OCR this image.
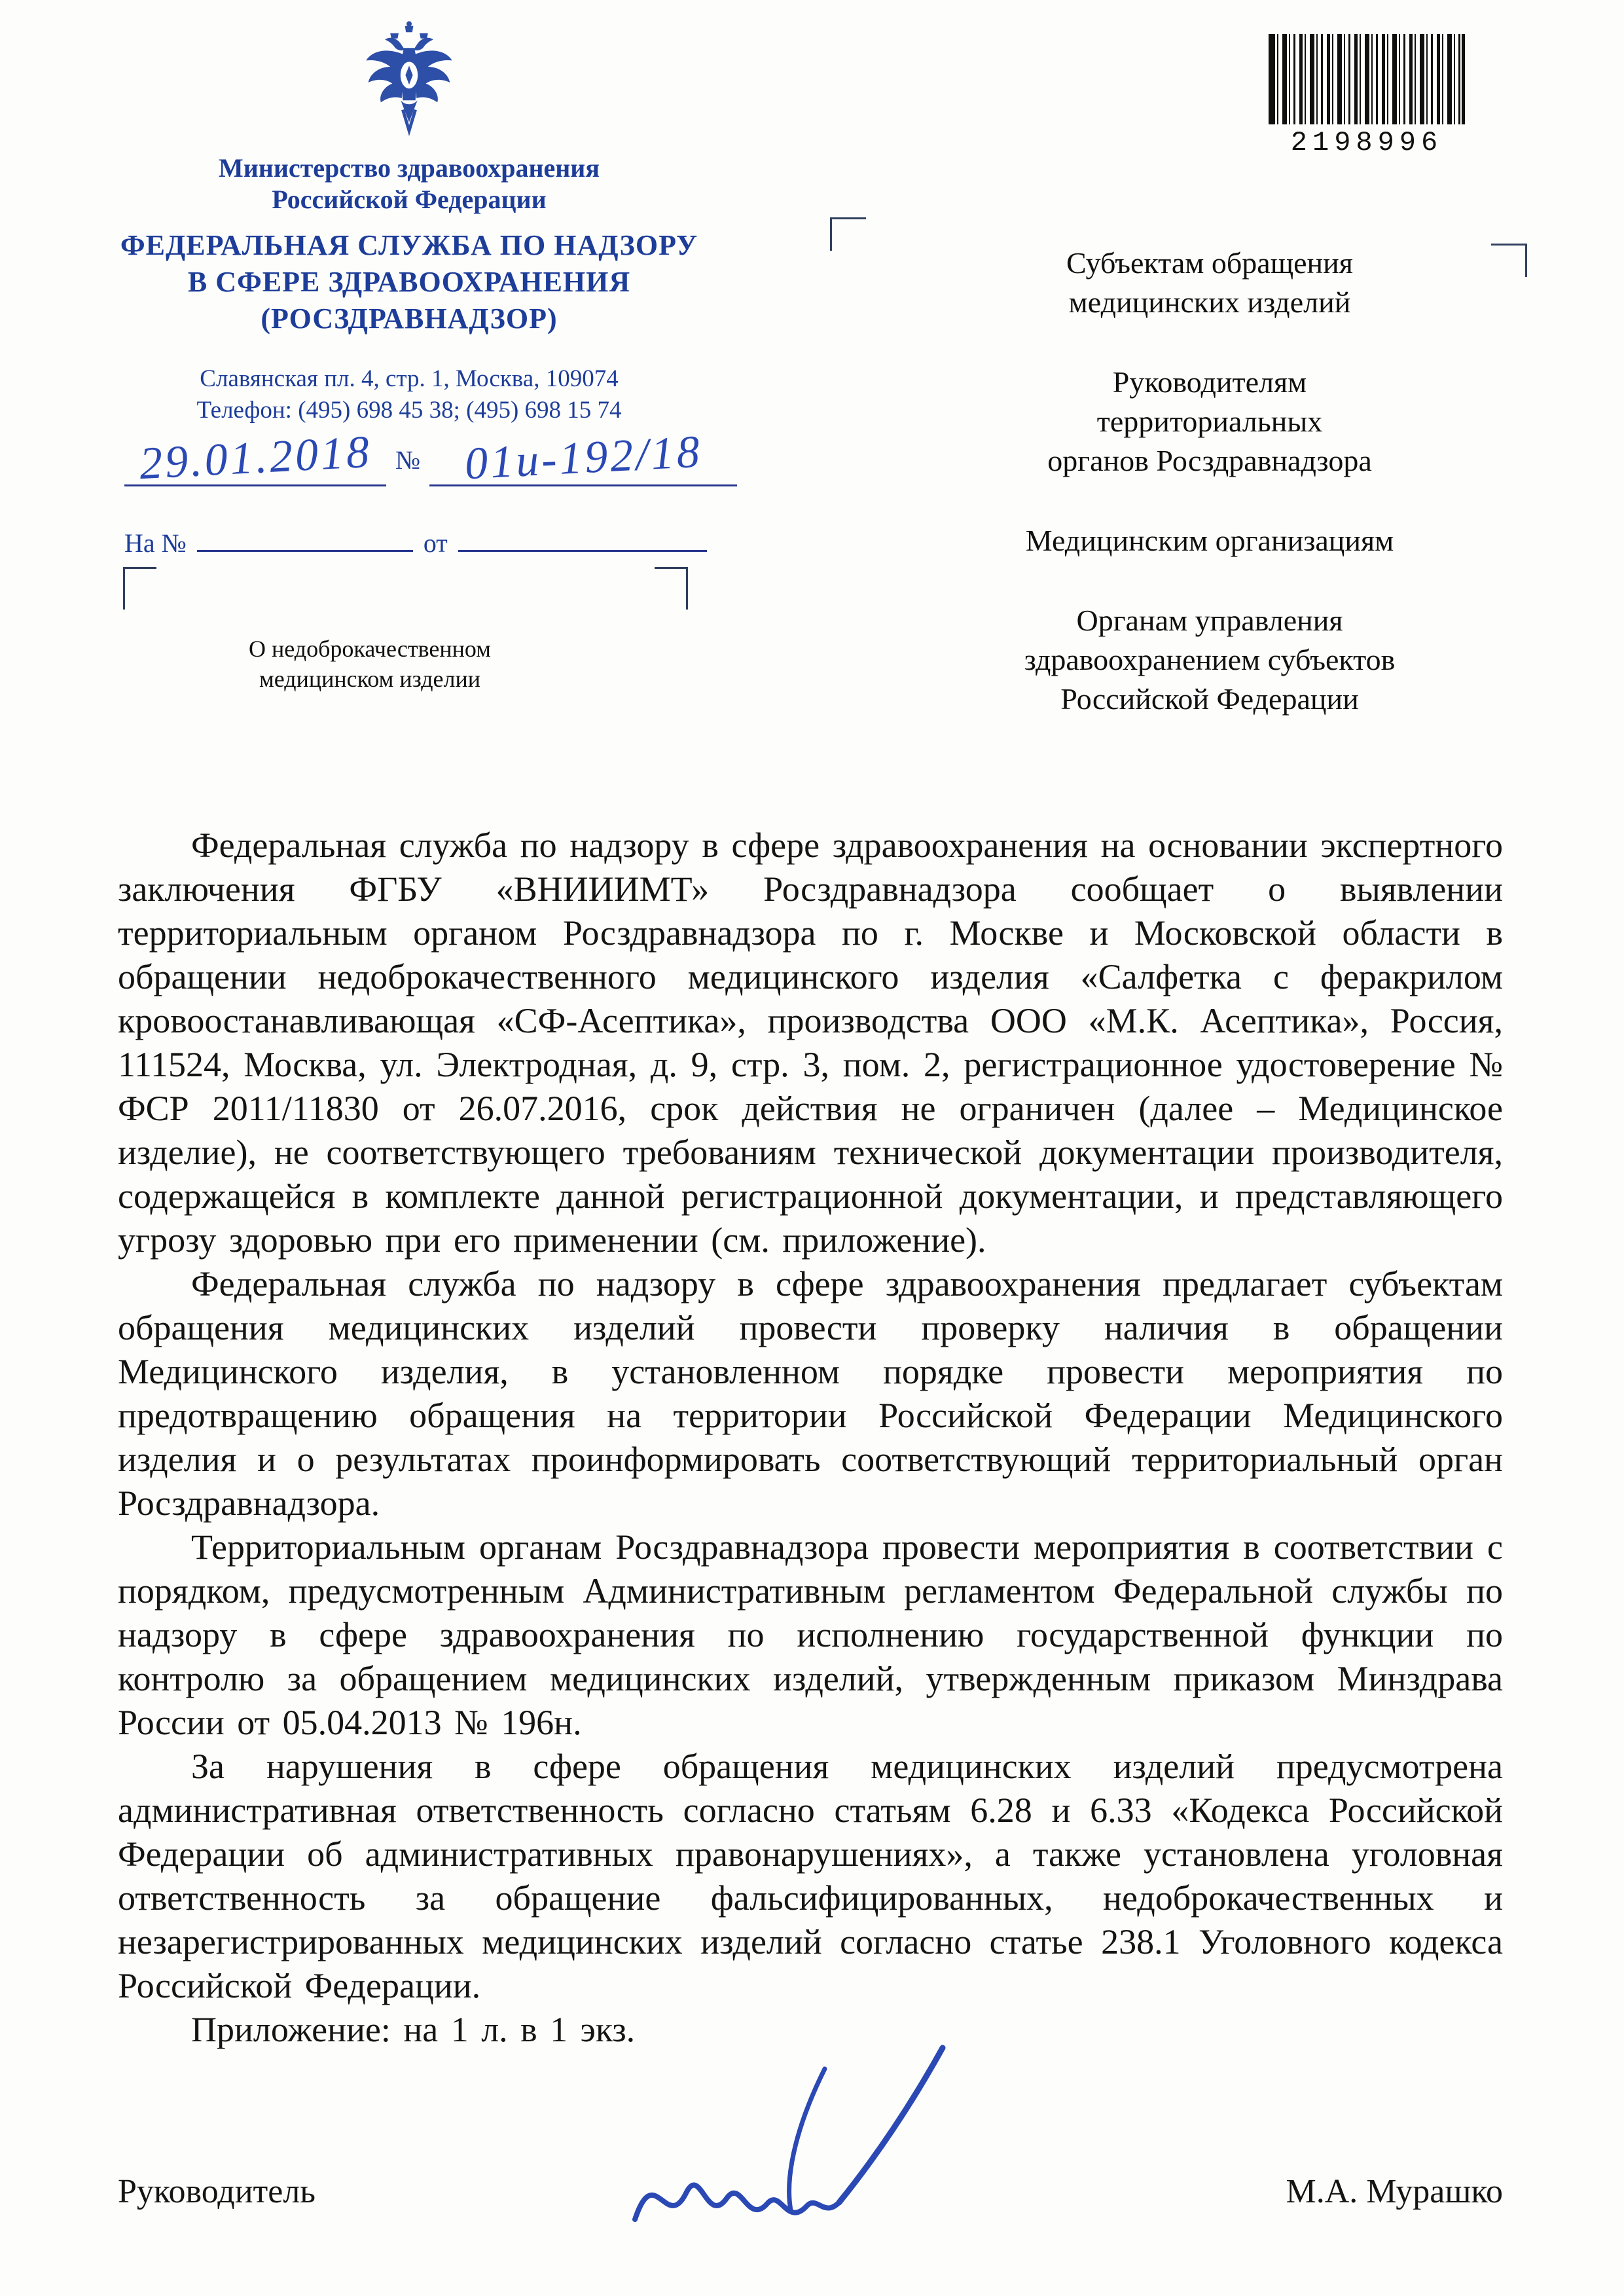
2198996
Министерство здравоохранения
Российской Федерации
ФЕДЕРАЛЬНАЯ СЛУЖБА ПО НАДЗОРУ
В СФЕРЕ ЗДРАВООХРАНЕНИЯ
(РОСЗДРАВНАДЗОР)
Славянская пл. 4, стр. 1, Москва, 109074
Телефон: (495) 698 45 38; (495) 698 15 74
29.01.2018 № 01и-192/18
На №	от
О недоброкачественном
медицинском изделии
Субъектам обращения
медицинских изделий
Руководителям
территориальных
органов Росздравнадзора
Медицинским организациям
Органам управления
здравоохранением субъектов
Российской Федерации

Федеральная служба по надзору в сфере здравоохранения на основании экспертного заключения ФГБУ «ВНИИИМТ» Росздравнадзора сообщает о выявлении территориальным органом Росздравнадзора по г. Москве и Московской области в обращении недоброкачественного медицинского изделия «Салфетка с феракрилом кровоостанавливающая «СФ-Асептика», производства ООО «М.К. Асептика», Россия, 111524, Москва, ул. Электродная, д. 9, стр. 3, пом. 2, регистрационное удостоверение № ФСР 2011/11830 от 26.07.2016, срок действия не ограничен (далее – Медицинское изделие), не соответствующего требованиям технической документации производителя, содержащейся в комплекте данной регистрационной документации, и представляющего угрозу здоровью при его применении (см. приложение).

Федеральная служба по надзору в сфере здравоохранения предлагает субъектам обращения медицинских изделий провести проверку наличия в обращении Медицинского изделия, в установленном порядке провести мероприятия по предотвращению обращения на территории Российской Федерации Медицинского изделия и о результатах проинформировать соответствующий территориальный орган Росздравнадзора.

Территориальным органам Росздравнадзора провести мероприятия в соответствии с порядком, предусмотренным Административным регламентом Федеральной службы по надзору в сфере здравоохранения по исполнению государственной функции по контролю за обращением медицинских изделий, утвержденным приказом Минздрава России от 05.04.2013 № 196н.

За нарушения в сфере обращения медицинских изделий предусмотрена административная ответственность согласно статьям 6.28 и 6.33 «Кодекса Российской Федерации об административных правонарушениях», а также установлена уголовная ответственность за обращение фальсифицированных, недоброкачественных и незарегистрированных медицинских изделий согласно статье 238.1 Уголовного кодекса Российской Федерации.

Приложение: на 1 л. в 1 экз.

Руководитель	М.А. Мурашко
